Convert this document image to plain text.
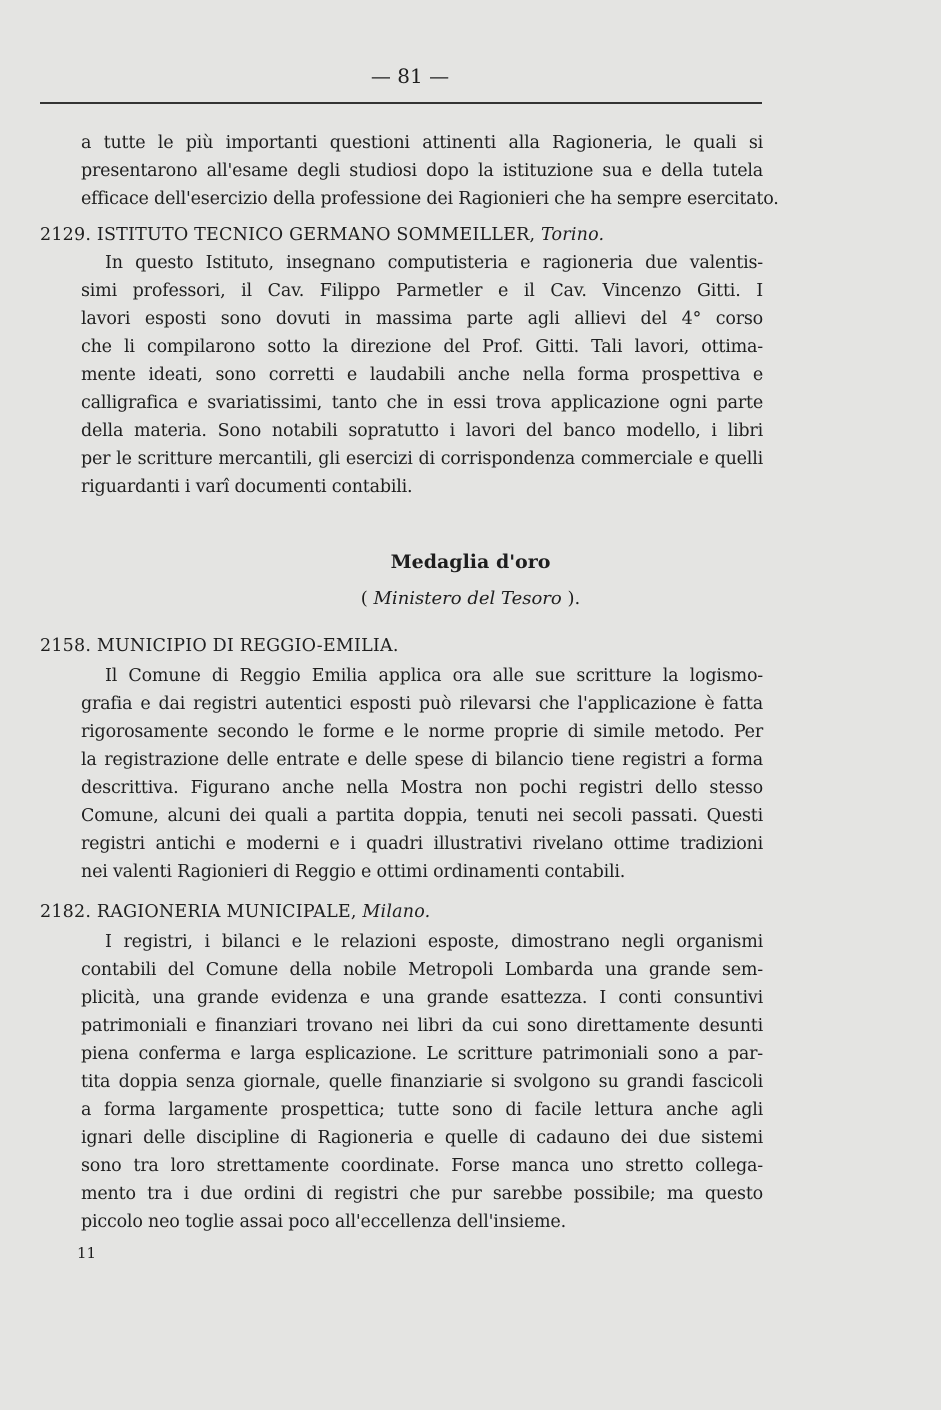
— 81 —
a tutte le più importanti questioni attinenti alla Ragioneria, le quali si
presentarono all'esame degli studiosi dopo la istituzione sua e della tutela
efficace dell'esercizio della professione dei Ragionieri che ha sempre esercitato.
2129. ISTITUTO TECNICO GERMANO SOMMEILLER, Torino.
In questo Istituto, insegnano computisteria e ragioneria due valentis-
simi professori, il Cav. Filippo Parmetler e il Cav. Vincenzo Gitti. I
lavori esposti sono dovuti in massima parte agli allievi del 4° corso
che li compilarono sotto la direzione del Prof. Gitti. Tali lavori, ottima-
mente ideati, sono corretti e laudabili anche nella forma prospettiva e
calligrafica e svariatissimi, tanto che in essi trova applicazione ogni parte
della materia. Sono notabili sopratutto i lavori del banco modello, i libri
per le scritture mercantili, gli esercizi di corrispondenza commerciale e quelli
riguardanti i varî documenti contabili.
Medaglia d'oro
( Ministero del Tesoro ).
2158. MUNICIPIO DI REGGIO-EMILIA.
Il Comune di Reggio Emilia applica ora alle sue scritture la logismo-
grafia e dai registri autentici esposti può rilevarsi che l'applicazione è fatta
rigorosamente secondo le forme e le norme proprie di simile metodo. Per
la registrazione delle entrate e delle spese di bilancio tiene registri a forma
descrittiva. Figurano anche nella Mostra non pochi registri dello stesso
Comune, alcuni dei quali a partita doppia, tenuti nei secoli passati. Questi
registri antichi e moderni e i quadri illustrativi rivelano ottime tradizioni
nei valenti Ragionieri di Reggio e ottimi ordinamenti contabili.
2182. RAGIONERIA MUNICIPALE, Milano.
I registri, i bilanci e le relazioni esposte, dimostrano negli organismi
contabili del Comune della nobile Metropoli Lombarda una grande sem-
plicità, una grande evidenza e una grande esattezza. I conti consuntivi
patrimoniali e finanziari trovano nei libri da cui sono direttamente desunti
piena conferma e larga esplicazione. Le scritture patrimoniali sono a par-
tita doppia senza giornale, quelle finanziarie si svolgono su grandi fascicoli
a forma largamente prospettica; tutte sono di facile lettura anche agli
ignari delle discipline di Ragioneria e quelle di cadauno dei due sistemi
sono tra loro strettamente coordinate. Forse manca uno stretto collega-
mento tra i due ordini di registri che pur sarebbe possibile; ma questo
piccolo neo toglie assai poco all'eccellenza dell'insieme.
11
